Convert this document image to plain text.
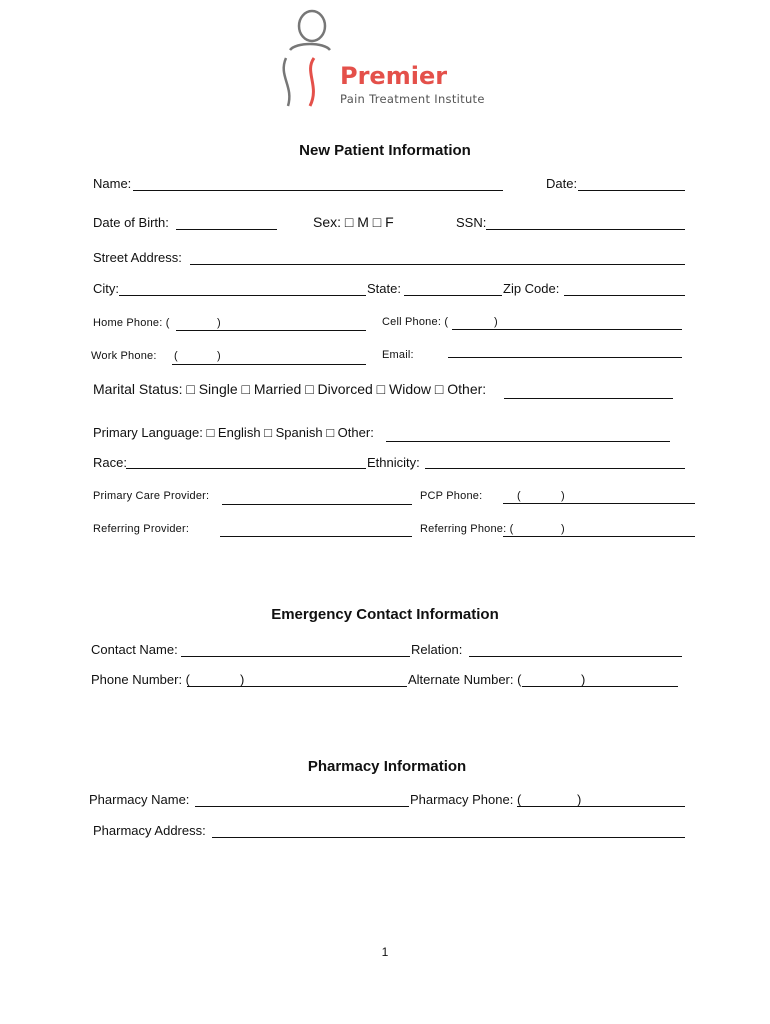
Premier
Pain Treatment Institute
New Patient Information
Name:	Date:
Date of Birth:	Sex: □ M □ F	SSN:
Street Address:
City:	State:	Zip Code:
Home Phone: (	)	Cell Phone: (	)
Work Phone: (	)	Email:
Marital Status: □ Single □ Married □ Divorced □ Widow □ Other:
Primary Language: □ English □ Spanish □ Other:
Race:	Ethnicity:
Primary Care Provider:	PCP Phone:	(	)
Referring Provider:	Referring Phone: (	)
Emergency Contact Information
Contact Name:	Relation:
Phone Number: (	)	Alternate Number: (	)
Pharmacy Information
Pharmacy Name:	Pharmacy Phone: (	)
Pharmacy Address:
1
